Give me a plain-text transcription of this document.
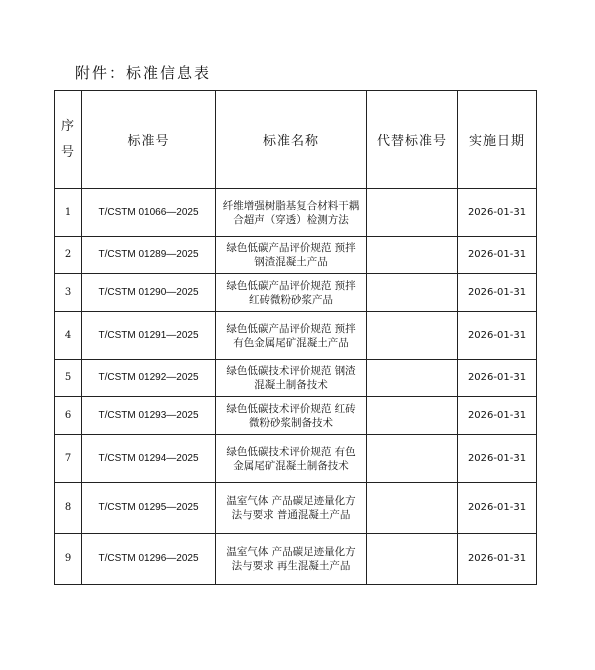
附件：标准信息表
序
号	标准号	标准名称	代替标准号	实施日期
1	T/CSTM 01066—2025	纤维增强树脂基复合材料干耦合超声（穿透）检测方法		2026-01-31
2	T/CSTM 01289—2025	绿色低碳产品评价规范 预拌钢渣混凝土产品		2026-01-31
3	T/CSTM 01290—2025	绿色低碳产品评价规范 预拌红砖微粉砂浆产品		2026-01-31
4	T/CSTM 01291—2025	绿色低碳产品评价规范 预拌有色金属尾矿混凝土产品		2026-01-31
5	T/CSTM 01292—2025	绿色低碳技术评价规范 钢渣混凝土制备技术		2026-01-31
6	T/CSTM 01293—2025	绿色低碳技术评价规范 红砖微粉砂浆制备技术		2026-01-31
7	T/CSTM 01294—2025	绿色低碳技术评价规范 有色金属尾矿混凝土制备技术		2026-01-31
8	T/CSTM 01295—2025	温室气体 产品碳足迹量化方法与要求 普通混凝土产品		2026-01-31
9	T/CSTM 01296—2025	温室气体 产品碳足迹量化方法与要求 再生混凝土产品		2026-01-31
